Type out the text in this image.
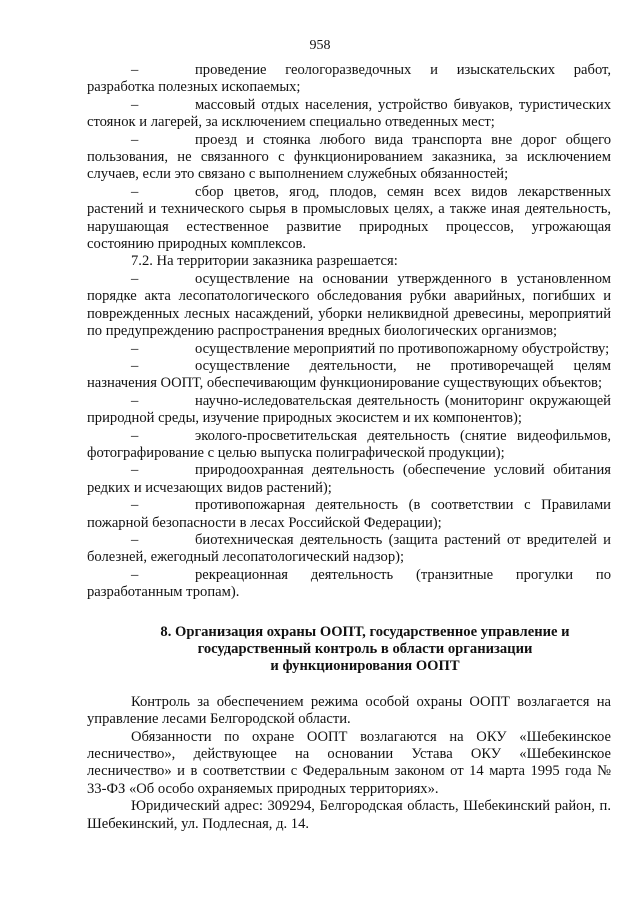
958

–	проведение геологоразведочных и изыскательских работ, разработка полезных ископаемых;

–	массовый отдых населения, устройство бивуаков, туристических стоянок и лагерей, за исключением специально отведенных мест;

–	проезд и стоянка любого вида транспорта вне дорог общего пользования, не связанного с функционированием заказника, за исключением случаев, если это связано с выполнением служебных обязанностей;

–	сбор цветов, ягод, плодов, семян всех видов лекарственных растений и технического сырья в промысловых целях, а также иная деятельность, нарушающая естественное развитие природных процессов, угрожающая состоянию природных комплексов.

7.2. На территории заказника разрешается:

–	осуществление на основании утвержденного в установленном порядке акта лесопатологического обследования рубки аварийных, погибших и поврежденных лесных насаждений, уборки неликвидной древесины, мероприятий по предупреждению распространения вредных биологических организмов;

–	осуществление мероприятий по противопожарному обустройству;

–	осуществление деятельности, не противоречащей целям назначения ООПТ, обеспечивающим функционирование существующих объектов;

–	научно-иследовательская деятельность (мониторинг окружающей природной среды, изучение природных экосистем и их компонентов);

–	эколого-просветительская деятельность (снятие видеофильмов, фотографирование с целью выпуска полиграфической продукции);

–	природоохранная деятельность (обеспечение условий обитания редких и исчезающих видов растений);

–	противопожарная деятельность (в соответствии с Правилами пожарной безопасности в лесах Российской Федерации);

–	биотехническая деятельность (защита растений от вредителей и болезней, ежегодный лесопатологический надзор);

–	рекреационная деятельность (транзитные прогулки по разработанным тропам).

8. Организация охраны ООПТ, государственное управление и
государственный контроль в области организации
и функционирования ООПТ

Контроль за обеспечением режима особой охраны ООПТ возлагается на управление лесами Белгородской области.

Обязанности по охране ООПТ возлагаются на ОКУ «Шебекинское лесничество», действующее на основании Устава ОКУ «Шебекинское лесничество» и в соответствии с Федеральным законом от 14 марта 1995 года № 33-ФЗ «Об особо охраняемых природных территориях».

Юридический адрес: 309294, Белгородская область, Шебекинский район, п. Шебекинский, ул. Подлесная, д. 14.
